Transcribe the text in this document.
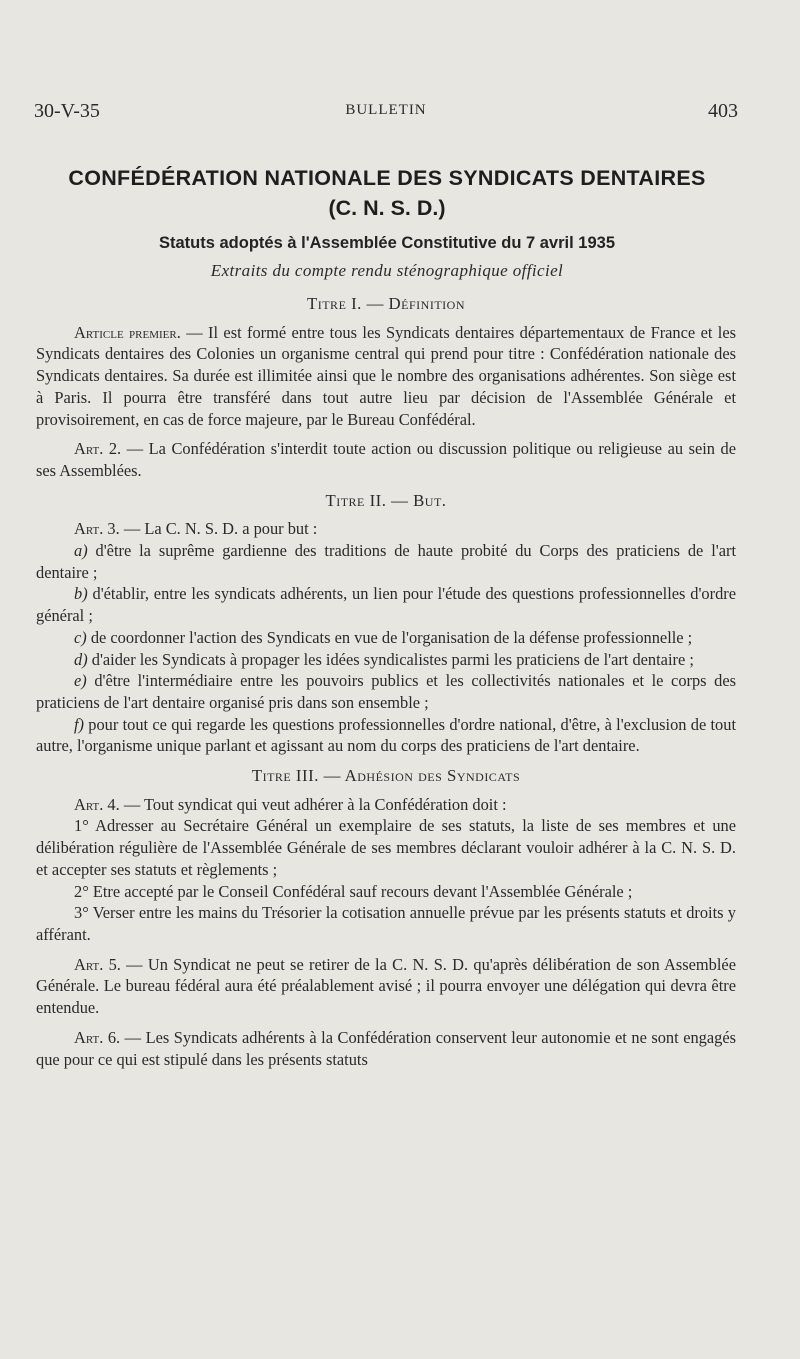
30-V-35	BULLETIN	403
CONFÉDÉRATION NATIONALE DES SYNDICATS DENTAIRES
(C. N. S. D.)
Statuts adoptés à l'Assemblée Constitutive du 7 avril 1935
Extraits du compte rendu sténographique officiel

Titre I. — Définition

Article premier. — Il est formé entre tous les Syndicats dentaires départementaux de France et les Syndicats dentaires des Colonies un organisme central qui prend pour titre : Confédération nationale des Syndicats dentaires. Sa durée est illimitée ainsi que le nombre des organisations adhérentes. Son siège est à Paris. Il pourra être transféré dans tout autre lieu par décision de l'Assemblée Générale et provisoirement, en cas de force majeure, par le Bureau Confédéral.

Art. 2. — La Confédération s'interdit toute action ou discussion politique ou religieuse au sein de ses Assemblées.

Titre II. — But.

Art. 3. — La C. N. S. D. a pour but :

a) d'être la suprême gardienne des traditions de haute probité du Corps des praticiens de l'art dentaire ;

b) d'établir, entre les syndicats adhérents, un lien pour l'étude des questions professionnelles d'ordre général ;

c) de coordonner l'action des Syndicats en vue de l'organisation de la défense professionnelle ;

d) d'aider les Syndicats à propager les idées syndicalistes parmi les praticiens de l'art dentaire ;

e) d'être l'intermédiaire entre les pouvoirs publics et les collectivités nationales et le corps des praticiens de l'art dentaire organisé pris dans son ensemble ;

f) pour tout ce qui regarde les questions professionnelles d'ordre national, d'être, à l'exclusion de tout autre, l'organisme unique parlant et agissant au nom du corps des praticiens de l'art dentaire.

Titre III. — Adhésion des Syndicats

Art. 4. — Tout syndicat qui veut adhérer à la Confédération doit :

1° Adresser au Secrétaire Général un exemplaire de ses statuts, la liste de ses membres et une délibération régulière de l'Assemblée Générale de ses membres déclarant vouloir adhérer à la C. N. S. D. et accepter ses statuts et règlements ;

2° Etre accepté par le Conseil Confédéral sauf recours devant l'Assemblée Générale ;

3° Verser entre les mains du Trésorier la cotisation annuelle prévue par les présents statuts et droits y afférant.

Art. 5. — Un Syndicat ne peut se retirer de la C. N. S. D. qu'après délibération de son Assemblée Générale. Le bureau fédéral aura été préalablement avisé ; il pourra envoyer une délégation qui devra être entendue.

Art. 6. — Les Syndicats adhérents à la Confédération conservent leur autonomie et ne sont engagés que pour ce qui est stipulé dans les présents statuts
